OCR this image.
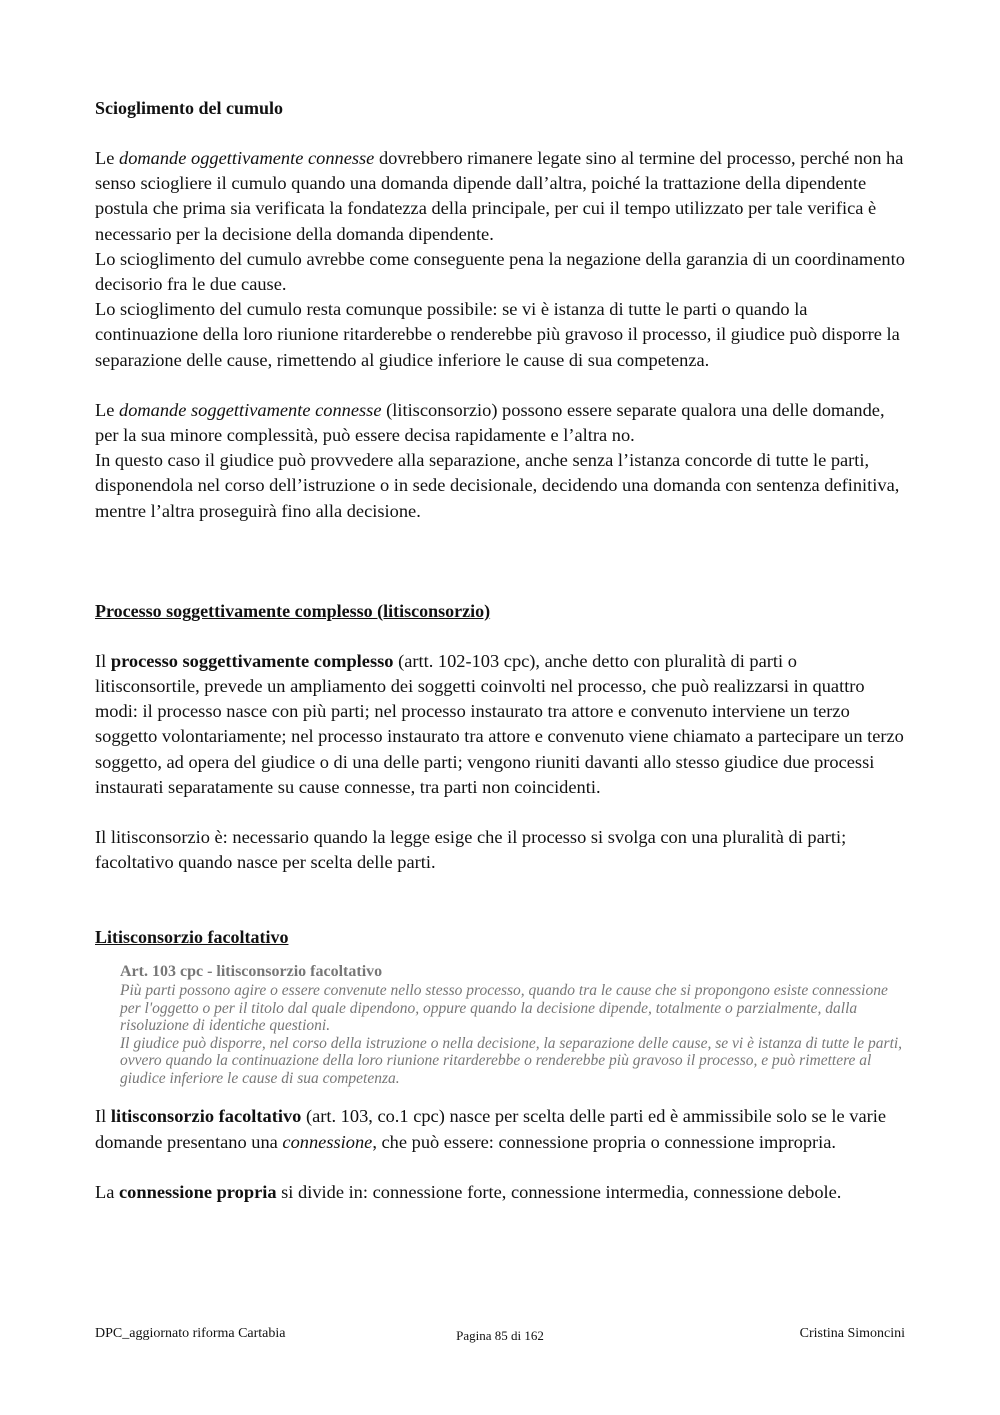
Scioglimento del cumulo

Le domande oggettivamente connesse dovrebbero rimanere legate sino al termine del processo, perché non ha senso sciogliere il cumulo quando una domanda dipende dall’altra, poiché la trattazione della dipendente postula che prima sia verificata la fondatezza della principale, per cui il tempo utilizzato per tale verifica è necessario per la decisione della domanda dipendente.

Lo scioglimento del cumulo avrebbe come conseguente pena la negazione della garanzia di un coordinamento decisorio fra le due cause.

Lo scioglimento del cumulo resta comunque possibile: se vi è istanza di tutte le parti o quando la continuazione della loro riunione ritarderebbe o renderebbe più gravoso il processo, il giudice può disporre la separazione delle cause, rimettendo al giudice inferiore le cause di sua competenza.

Le domande soggettivamente connesse (litisconsorzio) possono essere separate qualora una delle domande, per la sua minore complessità, può essere decisa rapidamente e l’altra no.

In questo caso il giudice può provvedere alla separazione, anche senza l’istanza concorde di tutte le parti, disponendola nel corso dell’istruzione o in sede decisionale, decidendo una domanda con sentenza definitiva, mentre l’altra proseguirà fino alla decisione.

Processo soggettivamente complesso (litisconsorzio)

Il processo soggettivamente complesso (artt. 102-103 cpc), anche detto con pluralità di parti o litisconsortile, prevede un ampliamento dei soggetti coinvolti nel processo, che può realizzarsi in quattro modi: il processo nasce con più parti; nel processo instaurato tra attore e convenuto interviene un terzo soggetto volontariamente; nel processo instaurato tra attore e convenuto viene chiamato a partecipare un terzo soggetto, ad opera del giudice o di una delle parti; vengono riuniti davanti allo stesso giudice due processi instaurati separatamente su cause connesse, tra parti non coincidenti.

Il litisconsorzio è: necessario quando la legge esige che il processo si svolga con una pluralità di parti; facoltativo quando nasce per scelta delle parti.

Litisconsorzio facoltativo
Art. 103 cpc - litisconsorzio facoltativo
Più parti possono agire o essere convenute nello stesso processo, quando tra le cause che si propongono esiste connessione per l'oggetto o per il titolo dal quale dipendono, oppure quando la decisione dipende, totalmente o parzialmente, dalla risoluzione di identiche questioni.
Il giudice può disporre, nel corso della istruzione o nella decisione, la separazione delle cause, se vi è istanza di tutte le parti, ovvero quando la continuazione della loro riunione ritarderebbe o renderebbe più gravoso il processo, e può rimettere al giudice inferiore le cause di sua competenza.

Il litisconsorzio facoltativo (art. 103, co.1 cpc) nasce per scelta delle parti ed è ammissibile solo se le varie domande presentano una connessione, che può essere: connessione propria o connessione impropria.

La connessione propria si divide in: connessione forte, connessione intermedia, connessione debole.

DPC_aggiornato riforma Cartabia	Pagina 85 di 162	Cristina Simoncini
